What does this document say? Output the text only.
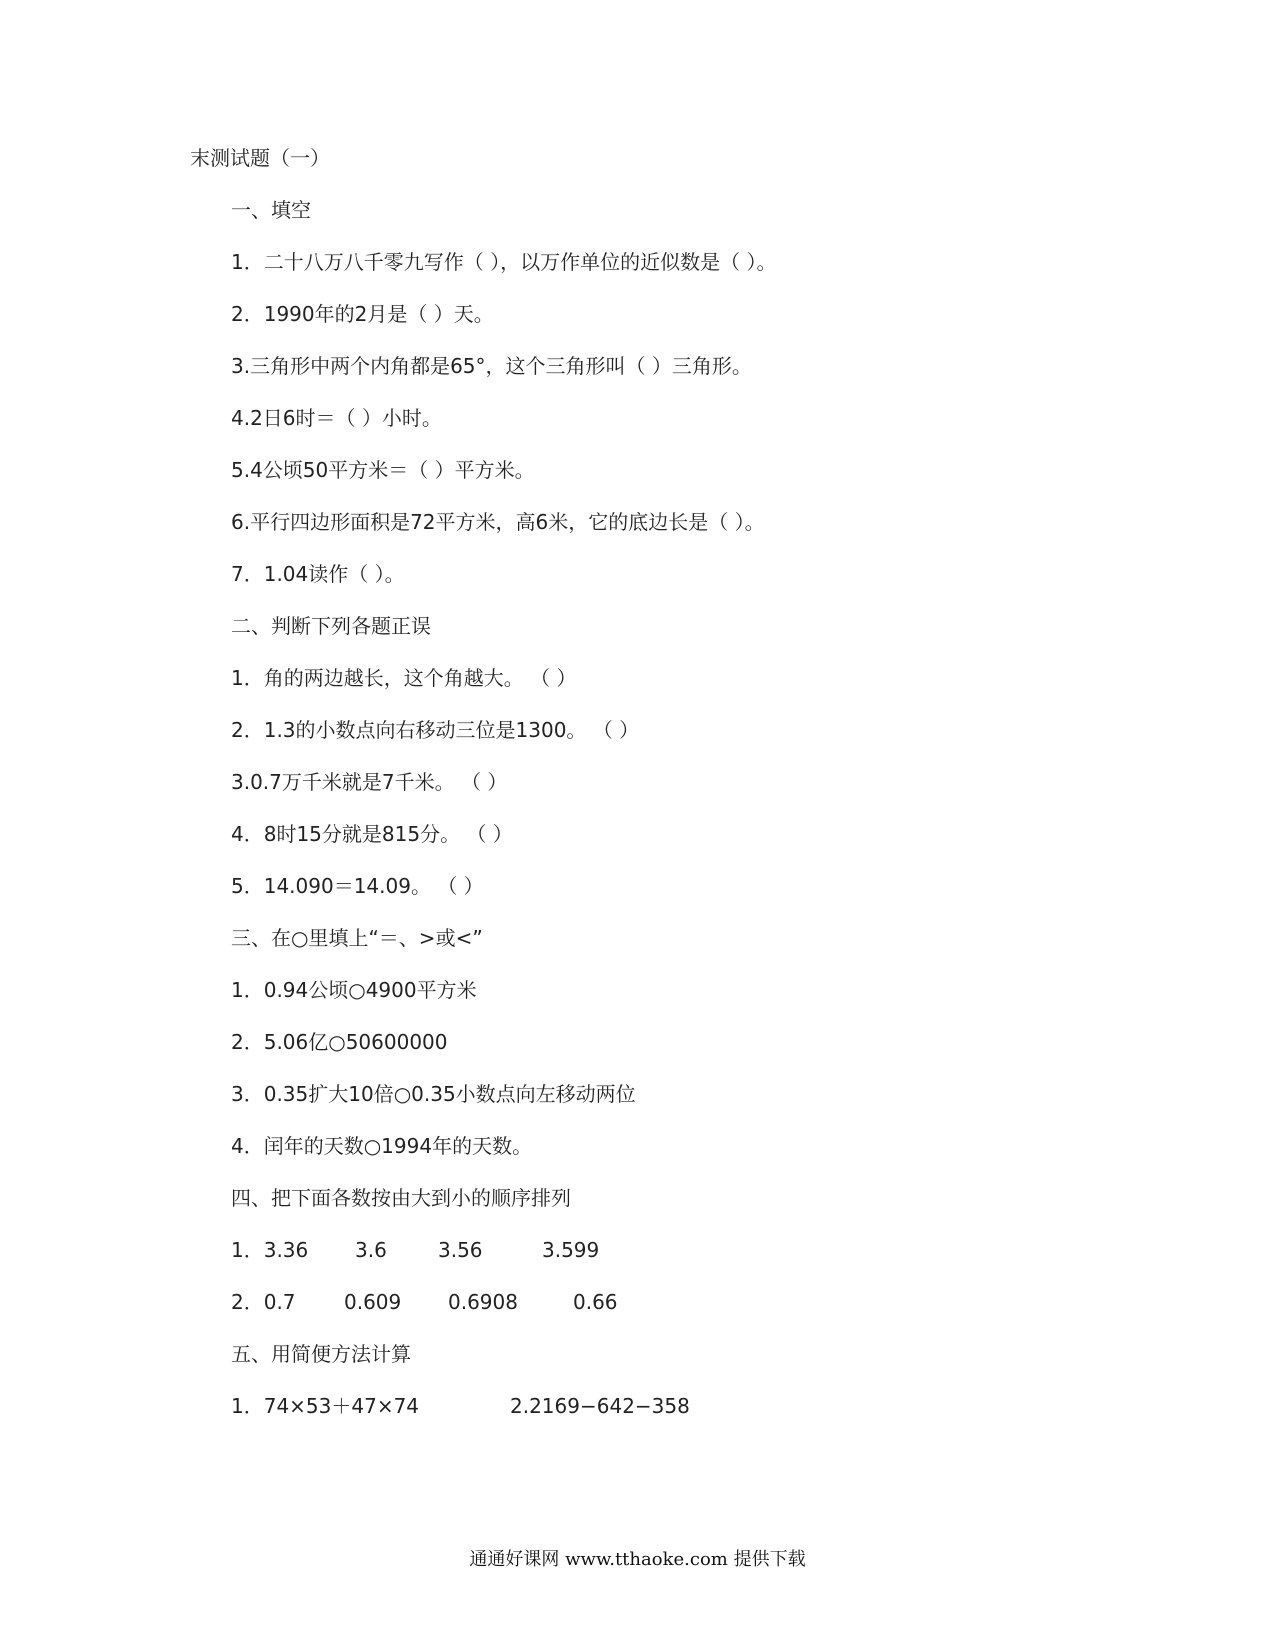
末测试题（一）
一、填空
1．二十八万八千零九写作（ ），以万作单位的近似数是（ ）。
2．1990年的2月是（ ）天。
3.三角形中两个内角都是65°，这个三角形叫（ ）三角形。
4.2日6时＝（ ）小时。
5.4公顷50平方米＝（ ）平方米。
6.平行四边形面积是72平方米，高6米，它的底边长是（ ）。
7．1.04读作（ ）。
二、判断下列各题正误
1．角的两边越长，这个角越大。 （ ）
2．1.3的小数点向右移动三位是1300。 （ ）
3.0.7万千米就是7千米。 （ ）
4．8时15分就是815分。 （ ）
5．14.090＝14.09。 （ ）
三、在○里填上“＝、>或<”
1．0.94公顷○4900平方米
2．5.06亿○50600000
3．0.35扩大10倍○0.35小数点向左移动两位
4．闰年的天数○1994年的天数。
四、把下面各数按由大到小的顺序排列
1．3.36 3.6	3.56	3.599
2．0.7 0.609 0.6908	0.66
五、用简便方法计算
1．74×53＋47×74	2.2169−642−358
通通好课网 www.tthaoke.com 提供下载
